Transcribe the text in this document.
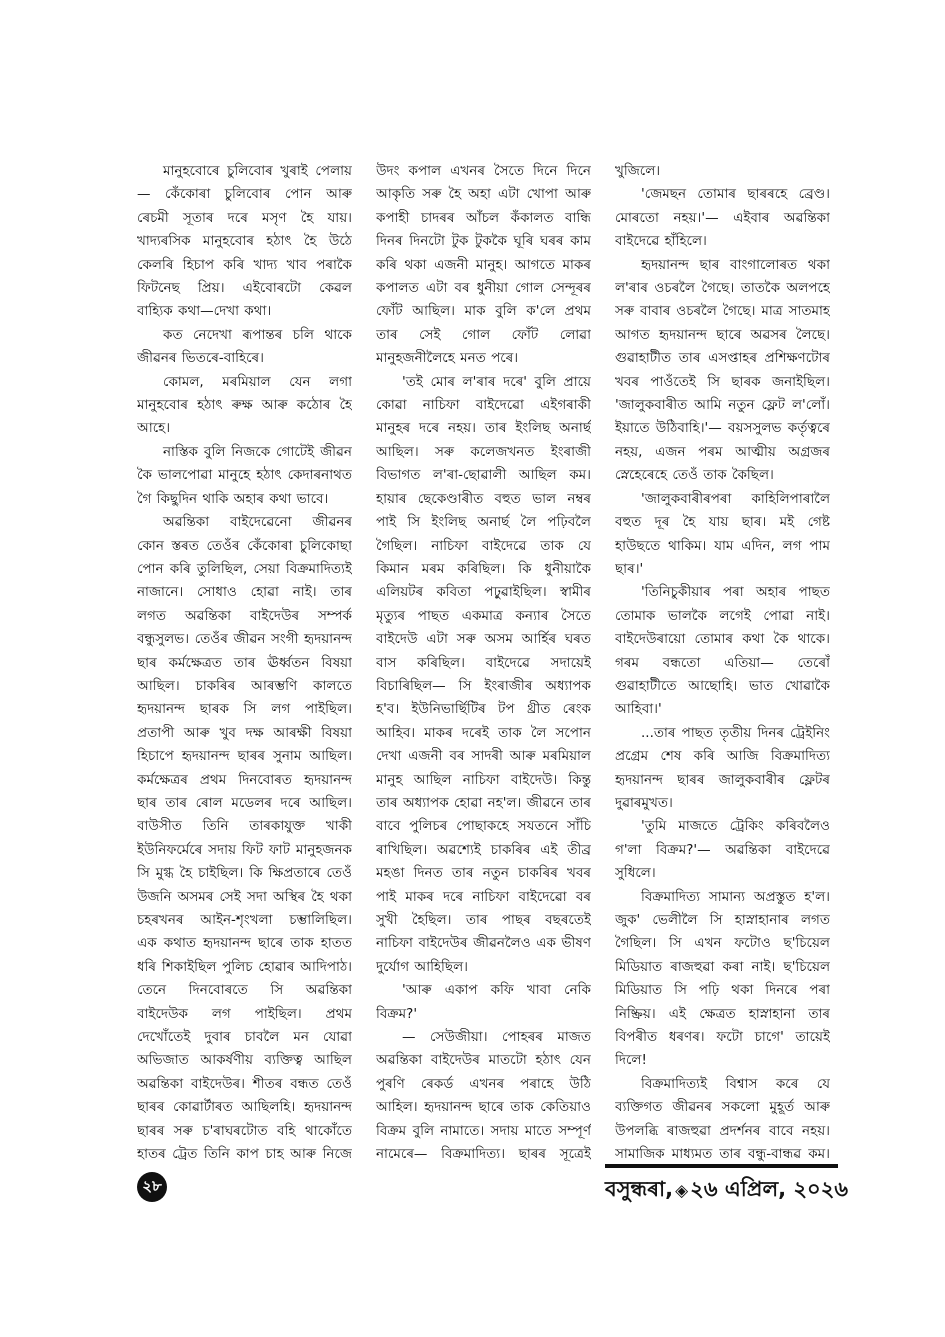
মানুহবোৰে চুলিবোৰ খুৰাই পেলায়— কেঁকোৰা চুলিবোৰ পোন আৰু ৰেচমী সূতাৰ দৰে মসৃণ হৈ যায়। খাদ্যৰসিক মানুহবোৰ হঠাৎ হৈ উঠে কেলৰি হিচাপ কৰি খাদ্য খাব পৰাকৈ ফিটনেছ প্ৰিয়। এইবোৰটো কেৱল বাহ্যিক কথা—দেখা কথা।

কত নেদেখা ৰূপান্তৰ চলি থাকে জীৱনৰ ভিতৰে-বাহিৰে।

কোমল, মৰমিয়াল যেন লগা মানুহবোৰ হঠাৎ ৰুক্ষ আৰু কঠোৰ হৈ আহে।

নাস্তিক বুলি নিজকে গোটেই জীৱন কৈ ভালপোৱা মানুহে হঠাৎ কেদাৰনাথত গৈ কিছুদিন থাকি অহাৰ কথা ভাবে।

অৱন্তিকা বাইদেৱেনো জীৱনৰ কোন স্তৰত তেওঁৰ কেঁকোৰা চুলিকোছা পোন কৰি তুলিছিল, সেয়া বিক্ৰমাদিত্যই নাজানে। সোধাও হোৱা নাই। তাৰ লগত অৱন্তিকা বাইদেউৰ সম্পৰ্ক বন্ধুসুলভ। তেওঁৰ জীৱন সংগী হৃদয়ানন্দ ছাৰ কৰ্মক্ষেত্ৰত তাৰ ঊৰ্ধ্বতন বিষয়া আছিল। চাকৰিৰ আৰম্ভণি কালতে হৃদয়ানন্দ ছাৰক সি লগ পাইছিল। প্ৰতাপী আৰু খুব দক্ষ আৰক্ষী বিষয়া হিচাপে হৃদয়ানন্দ ছাৰৰ সুনাম আছিল। কৰ্মক্ষেত্ৰৰ প্ৰথম দিনবোৰত হৃদয়ানন্দ ছাৰ তাৰ ৰোল মডেলৰ দৰে আছিল। বাউসীত তিনি তাৰকাযুক্ত খাকী ইউনিফৰ্মেৰে সদায় ফিট ফাট মানুহজনক সি মুগ্ধ হৈ চাইছিল। কি ক্ষিপ্ৰতাৰে তেওঁ উজনি অসমৰ সেই সদা অস্থিৰ হৈ থকা চহৰখনৰ আইন-শৃংখলা চম্ভালিছিল। এক কথাত হৃদয়ানন্দ ছাৰে তাক হাতত ধৰি শিকাইছিল পুলিচ হোৱাৰ আদিপাঠ। তেনে দিনবোৰতে সি অৱন্তিকা বাইদেউক লগ পাইছিল। প্ৰথম দেখোঁতেই দুবাৰ চাবলৈ মন যোৱা অভিজাত আকৰ্ষণীয় ব্যক্তিত্ব আছিল অৱন্তিকা বাইদেউৰ। শীতৰ বন্ধত তেওঁ ছাৰৰ কোৱাৰ্টাৰত আছিলহি। হৃদয়ানন্দ ছাৰৰ সৰু চ'ৰাঘৰটোত বহি থাকোঁতে হাতৰ ট্ৰেত তিনি কাপ চাহ আৰু নিজে

উদং কপাল এখনৰ সৈতে দিনে দিনে আকৃতি সৰু হৈ অহা এটা খোপা আৰু কপাহী চাদৰৰ আঁচল কঁকালত বান্ধি দিনৰ দিনটো টুক টুককৈ ঘূৰি ঘৰৰ কাম কৰি থকা এজনী মানুহ। আগতে মাকৰ কপালত এটা বৰ ধুনীয়া গোল সেন্দূৰৰ ফোঁট আছিল। মাক বুলি ক'লে প্ৰথম তাৰ সেই গোল ফোঁট লোৱা মানুহজনীলৈহে মনত পৰে।

'তই মোৰ ল'ৰাৰ দৰে' বুলি প্ৰায়ে কোৱা নাচিফা বাইদেৱো এইগৰাকী মানুহৰ দৰে নহয়। তাৰ ইংলিছ অনাৰ্ছ আছিল। সৰু কলেজখনত ইংৰাজী বিভাগত ল'ৰা-ছোৱালী আছিল কম। হায়াৰ ছেকেণ্ডাৰীত বহুত ভাল নম্বৰ পাই সি ইংলিছ অনাৰ্ছ লৈ পঢ়িবলৈ গৈছিল। নাচিফা বাইদেৱে তাক যে কিমান মৰম কৰিছিল। কি ধুনীয়াকৈ এলিয়টৰ কবিতা পঢ়ুৱাইছিল। স্বামীৰ মৃত্যুৰ পাছত একমাত্ৰ কন্যাৰ সৈতে বাইদেউ এটা সৰু অসম আৰ্হিৰ ঘৰত বাস কৰিছিল। বাইদেৱে সদায়েই বিচাৰিছিল— সি ইংৰাজীৰ অধ্যাপক হ'ব। ইউনিভাৰ্ছিটিৰ টপ থ্ৰীত ৰেংক আহিব। মাকৰ দৰেই তাক লৈ সপোন দেখা এজনী বৰ সাদৰী আৰু মৰমিয়াল মানুহ আছিল নাচিফা বাইদেউ। কিন্তু তাৰ অধ্যাপক হোৱা নহ'ল। জীৱনে তাৰ বাবে পুলিচৰ পোছাকহে সযতনে সাঁচি ৰাখিছিল। অৱশ্যেই চাকৰিৰ এই তীব্ৰ মহঙা দিনত তাৰ নতুন চাকৰিৰ খবৰ পাই মাকৰ দৰে নাচিফা বাইদেৱো বৰ সুখী হৈছিল। তাৰ পাছৰ বছৰতেই নাচিফা বাইদেউৰ জীৱনলৈও এক ভীষণ দুৰ্যোগ আহিছিল।

'আৰু একাপ কফি খাবা নেকি বিক্ৰম?'

— সেউজীয়া। পোহৰৰ মাজত অৱন্তিকা বাইদেউৰ মাতটো হঠাৎ যেন পুৰণি ৰেকৰ্ড এখনৰ পৰাহে উঠি আহিল। হৃদয়ানন্দ ছাৰে তাক কেতিয়াও বিক্ৰম বুলি নামাতে। সদায় মাতে সম্পূৰ্ণ নামেৰে— বিক্ৰমাদিত্য। ছাৰৰ সূত্ৰেই

খুজিলে।

'জেমছন তোমাৰ ছাৰৰহে ব্ৰেণ্ড। মোৰতো নহয়।'— এইবাৰ অৱন্তিকা বাইদেৱে হাঁহিলে।

হৃদয়ানন্দ ছাৰ বাংগালোৰত থকা ল'ৰাৰ ওচৰলৈ গৈছে। তাতকৈ অলপহে সৰু বাবাৰ ওচৰলৈ গৈছে। মাত্ৰ সাতমাহ আগত হৃদয়ানন্দ ছাৰে অৱসৰ লৈছে। গুৱাহাটীত তাৰ এসপ্তাহৰ প্ৰশিক্ষণটোৰ খবৰ পাওঁতেই সি ছাৰক জনাইছিল। 'জালুকবাৰীত আমি নতুন ফ্লেট ল'লোঁ। ইয়াতে উঠিবাহি।'— বয়সসুলভ কৰ্তৃত্বৰে নহয়, এজন পৰম আত্মীয় অগ্ৰজৰ স্নেহেৰেহে তেওঁ তাক কৈছিল।

'জালুকবাৰীৰপৰা কাহিলিপাৰালৈ বহুত দূৰ হৈ যায় ছাৰ। মই গেষ্ট হাউছতে থাকিম। যাম এদিন, লগ পাম ছাৰ।'

'তিনিচুকীয়াৰ পৰা অহাৰ পাছত তোমাক ভালকৈ লগেই পোৱা নাই। বাইদেউৰায়ো তোমাৰ কথা কৈ থাকে। গৰম বন্ধতো এতিয়া— তেৰোঁ গুৱাহাটীতে আছোহি। ভাত খোৱাকৈ আহিবা।'

...তাৰ পাছত তৃতীয় দিনৰ ট্ৰেইনিং প্ৰগ্ৰেম শেষ কৰি আজি বিক্ৰমাদিত্য হৃদয়ানন্দ ছাৰৰ জালুকবাৰীৰ ফ্লেটৰ দুৱাৰমুখত।

'তুমি মাজতে ট্ৰেকিং কৰিবলৈও গ'লা বিক্ৰম?'— অৱন্তিকা বাইদেৱে সুধিলে।

বিক্ৰমাদিত্য সামান্য অপ্ৰস্তুত হ'ল। জুক' ভেলীলৈ সি হাস্নাহানাৰ লগত গৈছিল। সি এখন ফটোও ছ'চিয়েল মিডিয়াত ৰাজহুৱা কৰা নাই। ছ'চিয়েল মিডিয়াত সি পঢ়ি থকা দিনৰে পৰা নিষ্ক্ৰিয়। এই ক্ষেত্ৰত হাস্নাহানা তাৰ বিপৰীত ধৰণৰ। ফটো চাগে' তায়েই দিলে!

বিক্ৰমাদিত্যই বিশ্বাস কৰে যে ব্যক্তিগত জীৱনৰ সকলো মুহূৰ্ত আৰু উপলব্ধি ৰাজহুৱা প্ৰদৰ্শনৰ বাবে নহয়। সামাজিক মাধ্যমত তাৰ বন্ধু-বান্ধৱ কম।

২৮	বসুন্ধৰা, ◈ ২৬ এপ্ৰিল, ২০২৬
